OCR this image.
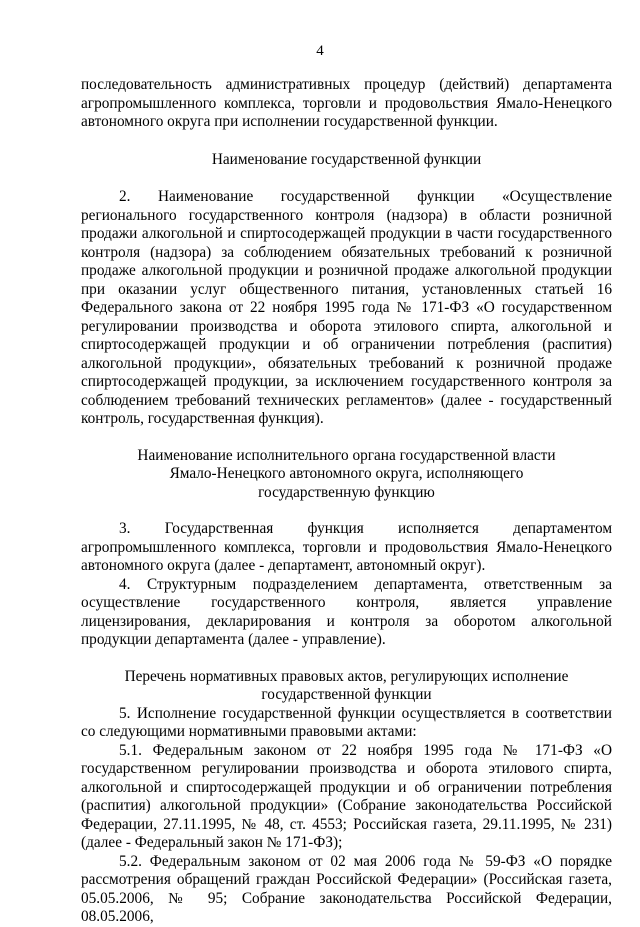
4

последовательность административных процедур (действий) департамента агропромышленного комплекса, торговли и продовольствия Ямало-Ненецкого автономного округа при исполнении государственной функции.

Наименование государственной функции

2. Наименование государственной функции «Осуществление регионального государственного контроля (надзора) в области розничной продажи алкогольной и спиртосодержащей продукции в части государственного контроля (надзора) за соблюдением обязательных требований к розничной продаже алкогольной продукции и розничной продаже алкогольной продукции при оказании услуг общественного питания, установленных статьей 16 Федерального закона от 22 ноября 1995 года № 171-ФЗ «О государственном регулировании производства и оборота этилового спирта, алкогольной и спиртосодержащей продукции и об ограничении потребления (распития) алкогольной продукции», обязательных требований к розничной продаже спиртосодержащей продукции, за исключением государственного контроля за соблюдением требований технических регламентов» (далее - государственный контроль, государственная функция).

Наименование исполнительного органа государственной власти

Ямало-Ненецкого автономного округа, исполняющего

государственную функцию

3. Государственная функция исполняется департаментом агропромышленного комплекса, торговли и продовольствия Ямало-Ненецкого автономного округа (далее - департамент, автономный округ).

4. Структурным подразделением департамента, ответственным за осуществление государственного контроля, является управление лицензирования, декларирования и контроля за оборотом алкогольной продукции департамента (далее - управление).

Перечень нормативных правовых актов, регулирующих исполнение

государственной функции

5. Исполнение государственной функции осуществляется в соответствии со следующими нормативными правовыми актами:

5.1. Федеральным законом от 22 ноября 1995 года № 171-ФЗ «О государственном регулировании производства и оборота этилового спирта, алкогольной и спиртосодержащей продукции и об ограничении потребления (распития) алкогольной продукции» (Собрание законодательства Российской Федерации, 27.11.1995, № 48, ст. 4553; Российская газета, 29.11.1995, № 231) (далее - Федеральный закон № 171-ФЗ);

5.2. Федеральным законом от 02 мая 2006 года № 59-ФЗ «О порядке рассмотрения обращений граждан Российской Федерации» (Российская газета, 05.05.2006, № 95; Собрание законодательства Российской Федерации, 08.05.2006,
